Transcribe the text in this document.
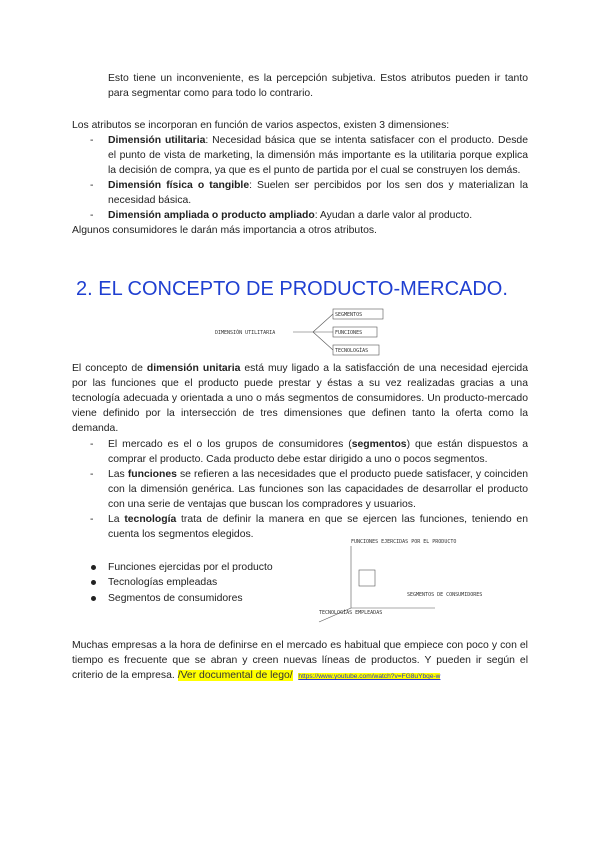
Esto tiene un inconveniente, es la percepción subjetiva. Estos atributos pueden ir tanto para segmentar como para todo lo contrario.

Los atributos se incorporan en función de varios aspectos, existen 3 dimensiones:

- Dimensión utilitaria: Necesidad básica que se intenta satisfacer con el producto. Desde el punto de vista de marketing, la dimensión más importante es la utilitaria porque explica la decisión de compra, ya que es el punto de partida por el cual se construyen los demás.
- Dimensión física o tangible: Suelen ser percibidos por los sen dos y materializan la necesidad básica.
- Dimensión ampliada o producto ampliado: Ayudan a darle valor al producto.

Algunos consumidores le darán más importancia a otros atributos.

2. EL CONCEPTO DE PRODUCTO-MERCADO.
DIMENSIÓN UTILITARIA
SEGMENTOS
FUNCIONES
TECNOLOGÍAS

El concepto de dimensión unitaria está muy ligado a la satisfacción de una necesidad ejercida por las funciones que el producto puede prestar y éstas a su vez realizadas gracias a una tecnología adecuada y orientada a uno o más segmentos de consumidores. Un producto-mercado viene definido por la intersección de tres dimensiones que definen tanto la oferta como la demanda.

- El mercado es el o los grupos de consumidores (segmentos) que están dispuestos a comprar el producto. Cada producto debe estar dirigido a uno o pocos segmentos.
- Las funciones se refieren a las necesidades que el producto puede satisfacer, y coinciden con la dimensión genérica. Las funciones son las capacidades de desarrollar el producto con una serie de ventajas que buscan los compradores y usuarios.
- La tecnología trata de definir la manera en que se ejercen las funciones, teniendo en cuenta los segmentos elegidos.
Funciones ejercidas por el producto
Tecnologías empleadas
Segmentos de consumidores
FUNCIONES EJERCIDAS POR EL PRODUCTO
SEGMENTOS DE CONSUMIDORES
TECNOLOGÍAS EMPLEADAS

Muchas empresas a la hora de definirse en el mercado es habitual que empiece con poco y con el tiempo es frecuente que se abran y creen nuevas líneas de productos. Y pueden ir según el criterio de la empresa. /Ver documental de lego/ https://www.youtube.com/watch?v=FG8uYbqe-w
